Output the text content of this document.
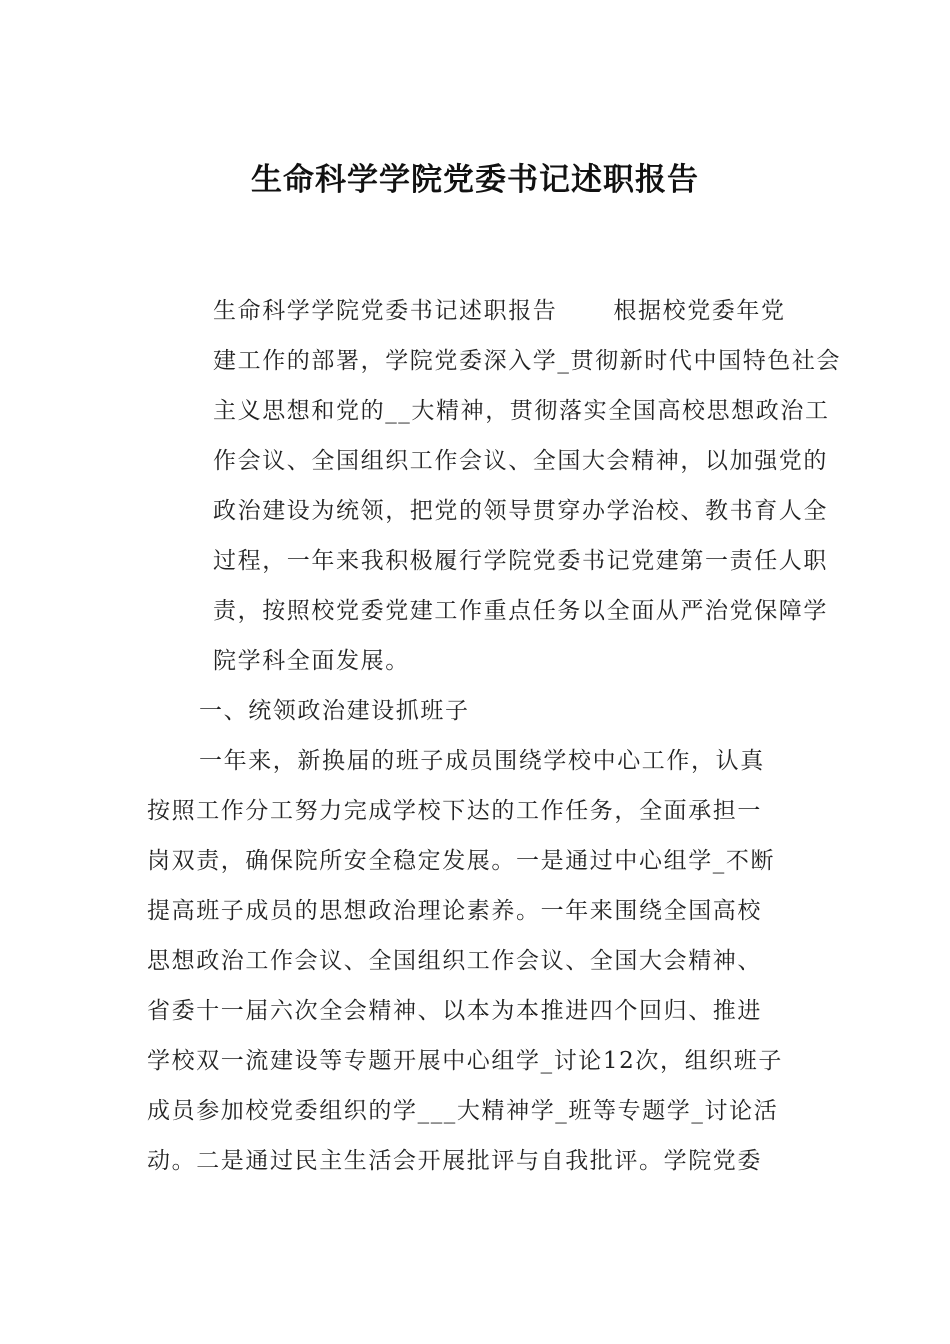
生命科学学院党委书记述职报告

生命科学学院党委书记述职报告 根据校党委年党
建工作的部署，学院党委深入学_贯彻新时代中国特色社会
主义思想和党的__大精神，贯彻落实全国高校思想政治工
作会议、全国组织工作会议、全国大会精神，以加强党的
政治建设为统领，把党的领导贯穿办学治校、教书育人全
过程，一年来我积极履行学院党委书记党建第一责任人职
责，按照校党委党建工作重点任务以全面从严治党保障学
院学科全面发展。

一、统领政治建设抓班子

一年来，新换届的班子成员围绕学校中心工作，认真
按照工作分工努力完成学校下达的工作任务，全面承担一
岗双责，确保院所安全稳定发展。一是通过中心组学_不断
提高班子成员的思想政治理论素养。一年来围绕全国高校
思想政治工作会议、全国组织工作会议、全国大会精神、
省委十一届六次全会精神、以本为本推进四个回归、推进
学校双一流建设等专题开展中心组学_讨论12次，组织班子
成员参加校党委组织的学___大精神学_班等专题学_讨论活
动。二是通过民主生活会开展批评与自我批评。学院党委
